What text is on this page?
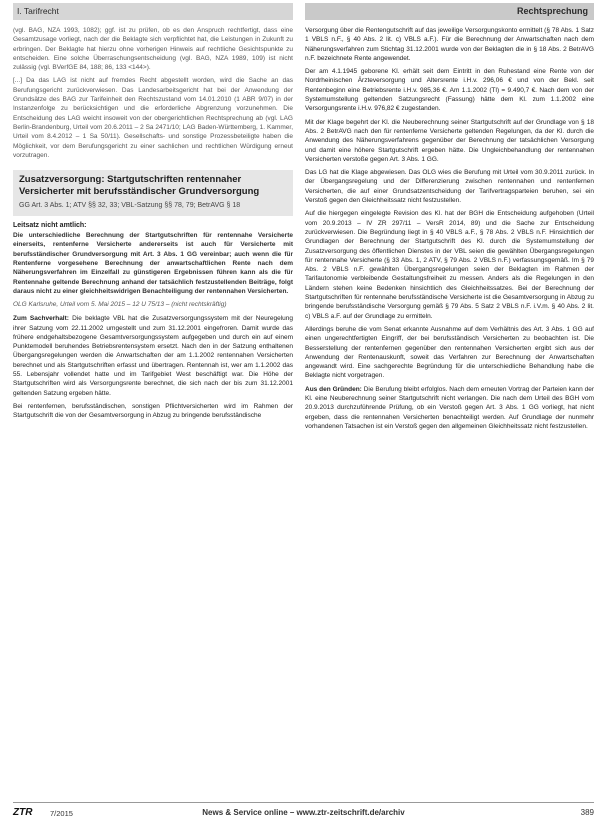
I. Tarifrecht	Rechtsprechung

(vgl. BAG, NZA 1993, 1082); ggf. ist zu prüfen, ob es den Anspruch rechtfertigt, dass eine Gesamtzusage vorliegt, nach der die Beklagte sich verpflichtet hat, die Leistungen in Zukunft zu erbringen. Der Beklagte hat hierzu ohne vorherigen Hinweis auf rechtliche Gesichtspunkte zu entscheiden. Eine solche Überraschungsentscheidung (vgl. BAG, NZA 1989, 109) ist nicht zulässig (vgl. BVerfGE 84, 188; 86, 133 <144>).

[...] Da das LAG ist nicht auf fremdes Recht abgestellt worden, wird die Sache an das Berufungsgericht zurückverwiesen. Das Landesarbeitsgericht hat bei der Anwendung der Grundsätze des BAG zur Tarifeinheit den Rechtszustand vom 14.01.2010 (1 ABR 9/07) in der Instanzenfolge zu berücksichtigen und die erforderliche Abgrenzung vorzunehmen. Die Entscheidung des LAG weicht insoweit von der obergerichtlichen Rechtsprechung ab (vgl. LAG Berlin-Brandenburg, Urteil vom 20.6.2011 – 2 Sa 2471/10; LAG Baden-Württemberg, 1. Kammer, Urteil vom 8.4.2012 – 1 Sa 50/11). Gesellschafts- und sonstige Prozessbeteiligte haben die Möglichkeit, vor dem Berufungsgericht zu einer sachlichen und rechtlichen Würdigung erneut vorzutragen.

Zusatzversorgung: Startgutschriften rentennaher Versicherter mit berufsständischer Grundversorgung

GG Art. 3 Abs. 1; ATV §§ 32, 33; VBL-Satzung §§ 78, 79; BetrAVG § 18

Leitsatz nicht amtlich:

Die unterschiedliche Berechnung der Startgutschriften für rentennahe Versicherte einerseits, rentenferne Versicherte andererseits ist auch für Versicherte mit berufsständischer Grundversorgung mit Art. 3 Abs. 1 GG vereinbar; auch wenn die für Rentenferne vorgesehene Berechnung der anwartschaftlichen Rente nach dem Näherungsverfahren im Einzelfall zu günstigeren Ergebnissen führen kann als die für Rentennahe geltende Berechnung anhand der tatsächlich festzustellenden Beiträge, folgt daraus nicht zu einer gleichheitswidrigen Benachteiligung der rentennahen Versicherten.

OLG Karlsruhe, Urteil vom 5. Mai 2015 – 12 U 75/13 – (nicht rechtskräftig)

Zum Sachverhalt: Die beklagte VBL hat die Zusatzversorgungssystem mit der Neuregelung ihrer Satzung vom 22.11.2002 umgestellt und zum 31.12.2001 eingefroren. Damit wurde das frühere endgehaltsbezogene Gesamtversorgungssystem aufgegeben und durch ein auf einem Punktemodell beruhendes Betriebsrentensystem ersetzt. Nach den in der Satzung enthaltenen Übergangsregelungen werden die Anwartschaften der am 1.1.2002 rentennahen Versicherten berechnet und als Startgutschriften erfasst und übertragen. Rentennah ist, wer am 1.1.2002 das 55. Lebensjahr vollendet hatte und im Tarifgebiet West beschäftigt war. Die Höhe der Startgutschriften wird als Versorgungsrente berechnet, die sich nach der bis zum 31.12.2001 geltenden Satzung ergeben hätte.

Bei rentenfernen, berufsständischen, sonstigen Pflichtversicherten wird im Rahmen der Startgutschrift die von der Gesamtversorgung in Abzug zu bringende berufsständische

Versorgung über die Rentengutschrift auf das jeweilige Versorgungskonto ermittelt (§ 78 Abs. 1 Satz 1 VBLS n.F., § 40 Abs. 2 lit. c) VBLS a.F.). Für die Berechnung der Anwartschaften nach dem Näherungsverfahren zum Stichtag 31.12.2001 wurde von der Beklagten die in § 18 Abs. 2 BetrAVG n.F. bezeichnete Rente angewendet.

Der am 4.1.1945 geborene Kl. erhält seit dem Eintritt in den Ruhestand eine Rente von der Nordrheinischen Ärzteversorgung und Altersrente i.H.v. 296,06 € und von der Bekl. seit Rentenbeginn eine Betriebsrente i.H.v. 985,36 €. Am 1.1.2002 (Tl) = 9.490,7 €. Nach dem von der Systemumstellung geltenden Satzungsrecht (Fassung) hätte dem Kl. zum 1.1.2002 eine Versorgungsrente i.H.v. 976,82 € zugestanden.

Mit der Klage begehrt der Kl. die Neuberechnung seiner Startgutschrift auf der Grundlage von § 18 Abs. 2 BetrAVG nach den für rentenferne Versicherte geltenden Regelungen, da der Kl. durch die Anwendung des Näherungsverfahrens gegenüber der Berechnung der tatsächlichen Versorgung und damit eine höhere Startgutschrift ergeben hätte. Die Ungleichbehandlung der rentennahen Versicherten verstoße gegen Art. 3 Abs. 1 GG.

Das LG hat die Klage abgewiesen. Das OLG wies die Berufung mit Urteil vom 30.9.2011 zurück. In der Übergangsregelung und der Differenzierung zwischen rentennahen und rentenfernen Versicherten, die auf einer Grundsatzentscheidung der Tarifvertragsparteien beruhen, sei ein Verstoß gegen den Gleichheitssatz nicht festzustellen.

Auf die hiergegen eingelegte Revision des Kl. hat der BGH die Entscheidung aufgehoben (Urteil vom 20.9.2013 – IV ZR 297/11 – VersR 2014, 89) und die Sache zur Entscheidung zurückverwiesen. Die Begründung liegt in § 40 VBLS a.F., § 78 Abs. 2 VBLS n.F. Hinsichtlich der Grundlagen der Berechnung der Startgutschrift des Kl. durch die Systemumstellung der Zusatzversorgung des öffentlichen Dienstes in der VBL seien die gewählten Übergangsregelungen für rentennahe Versicherte (§ 33 Abs. 1, 2 ATV, § 79 Abs. 2 VBLS n.F.) verfassungsgemäß. Im § 79 Abs. 2 VBLS n.F. gewählten Übergangsregelungen seien der Beklagten im Rahmen der Tarifautonomie verbleibende Gestaltungsfreiheit zu messen. Anders als die Regelungen in den Ländern stehen keine Bedenken hinsichtlich des Gleichheitssatzes. Bei der Berechnung der Startgutschriften für rentennahe berufsständische Versicherte ist die Gesamtversorgung in Abzug zu bringende berufsständische Versorgung gemäß § 79 Abs. 5 Satz 2 VBLS n.F. i.V.m. § 40 Abs. 2 lit. c) VBLS a.F. auf der Grundlage zu ermitteln.

Allerdings beruhe die vom Senat erkannte Ausnahme auf dem Verhältnis des Art. 3 Abs. 1 GG auf einen ungerechtfertigten Eingriff, der bei berufsständisch Versicherten zu beobachten ist. Die Besserstellung der rentenfernen gegenüber den rentennahen Versicherten ergibt sich aus der Anwendung der Rentenauskunft, soweit das Verfahren zur Berechnung der Anwartschaften angewandt wird. Eine sachgerechte Begründung für die unterschiedliche Behandlung habe die Beklagte nicht vorgetragen.

Aus den Gründen: Die Berufung bleibt erfolglos. Nach dem erneuten Vortrag der Parteien kann der Kl. eine Neuberechnung seiner Startgutschrift nicht verlangen. Die nach dem Urteil des BGH vom 20.9.2013 durchzuführende Prüfung, ob ein Verstoß gegen Art. 3 Abs. 1 GG vorliegt, hat nicht ergeben, dass die rentennahen Versicherten benachteiligt werden. Auf Grundlage der nunmehr vorhandenen Tatsachen ist ein Verstoß gegen den allgemeinen Gleichheitssatz nicht festzustellen.

ZTR 7/2015	News & Service online – www.ztr-zeitschrift.de/archiv	389
